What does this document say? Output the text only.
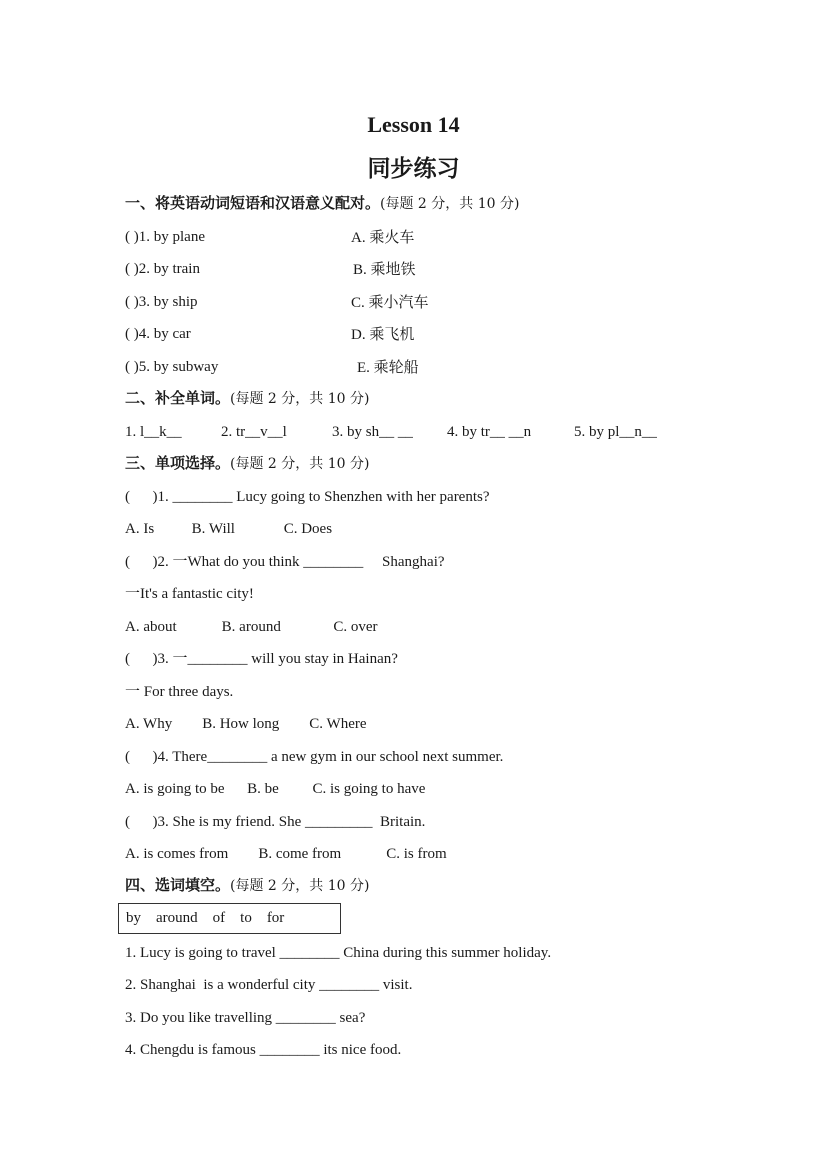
Lesson 14
同步练习
一、将英语动词短语和汉语意义配对。(每题 2 分，共 10 分)
( )1. by plane	A. 乘火车
( )2. by train	B. 乘地铁
( )3. by ship	C. 乘小汽车
( )4. by car	D. 乘飞机
( )5. by subway	E. 乘轮船
二、补全单词。(每题 2 分，共 10 分)
1. l__k__	2. tr__v__l	3. by sh__ __ 4. by tr__ __n	5. by pl__n__
三、单项选择。(每题 2 分，共 10 分)
(      )1. ________ Lucy going to Shenzhen with her parents?
A. Is          B. Will             C. Does
(      )2. 一What do you think ________     Shanghai?
一It's a fantastic city!
A. about            B. around              C. over
(      )3. 一________ will you stay in Hainan?
一 For three days.
A. Why        B. How long        C. Where
(      )4. There________ a new gym in our school next summer.
A. is going to be      B. be         C. is going to have
(      )3. She is my friend. She _________  Britain.
A. is comes from        B. come from            C. is from
四、选词填空。(每题 2 分，共 10 分)
by    around    of    to    for
1. Lucy is going to travel ________ China during this summer holiday.
2. Shanghai  is a wonderful city ________ visit.
3. Do you like travelling ________ sea?
4. Chengdu is famous ________ its nice food.
